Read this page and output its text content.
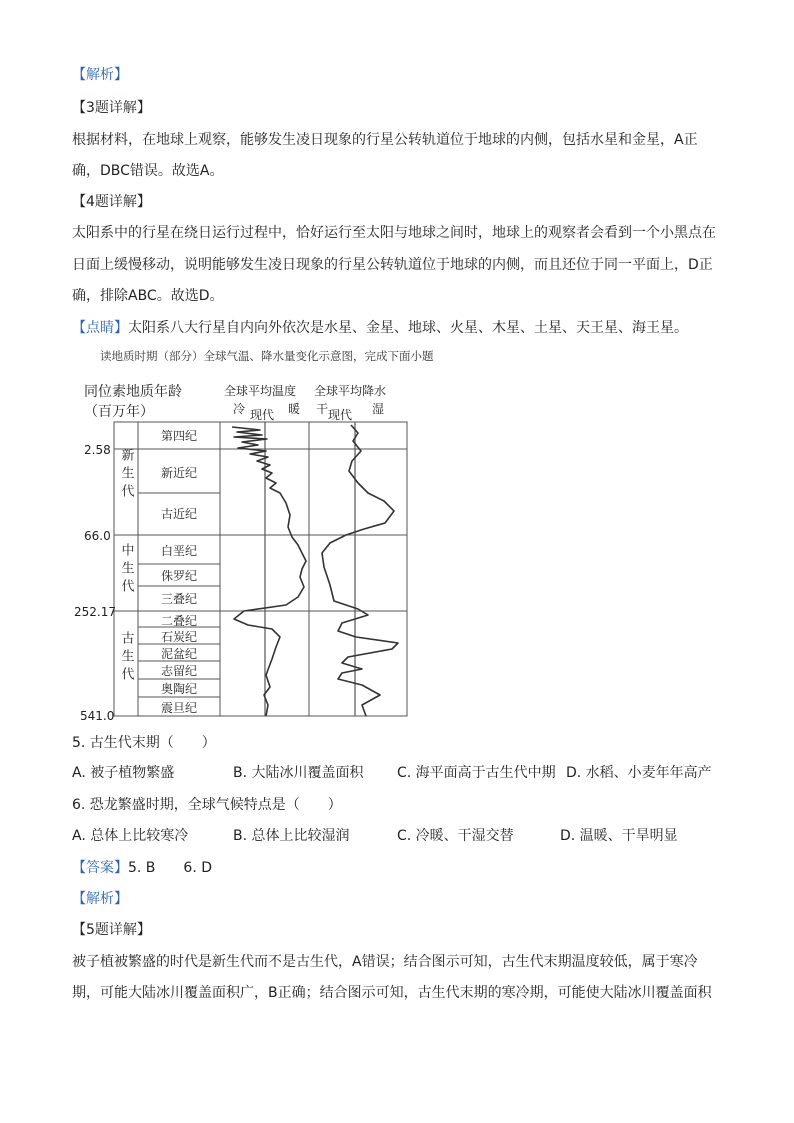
【解析】
【3题详解】
根据材料，在地球上观察，能够发生凌日现象的行星公转轨道位于地球的内侧，包括水星和金星，A正
确，DBC错误。故选A。
【4题详解】
太阳系中的行星在绕日运行过程中，恰好运行至太阳与地球之间时，地球上的观察者会看到一个小黑点在
日面上缓慢移动，说明能够发生凌日现象的行星公转轨道位于地球的内侧，而且还位于同一平面上，D正
确，排除ABC。故选D。
【点睛】太阳系八大行星自内向外依次是水星、金星、地球、火星、木星、土星、天王星、海王星。
读地质时期（部分）全球气温、降水量变化示意图，完成下面小题
同位素地质年龄
（百万年）
全球平均温度
冷 现代 暖
全球平均降水
干 现代 湿
2.58
66.0
252.17
541.0
新生代
中生代
古生代
第四纪
新近纪
古近纪
白垩纪
侏罗纪
三叠纪
二叠纪
石炭纪
泥盆纪
志留纪
奥陶纪
震旦纪
5. 古生代末期（　　）
A. 被子植物繁盛	B. 大陆冰川覆盖面积 C. 海平面高于古生代中期 D. 水稻、小麦年年高产
6. 恐龙繁盛时期，全球气候特点是（　　）
A. 总体上比较寒冷	B. 总体上比较湿润	C. 冷暖、干湿交替	D. 温暖、干旱明显
【答案】5. B 6. D
【解析】
【5题详解】
被子植被繁盛的时代是新生代而不是古生代，A错误；结合图示可知，古生代末期温度较低，属于寒冷
期，可能大陆冰川覆盖面积广，B正确；结合图示可知，古生代末期的寒冷期，可能使大陆冰川覆盖面积
